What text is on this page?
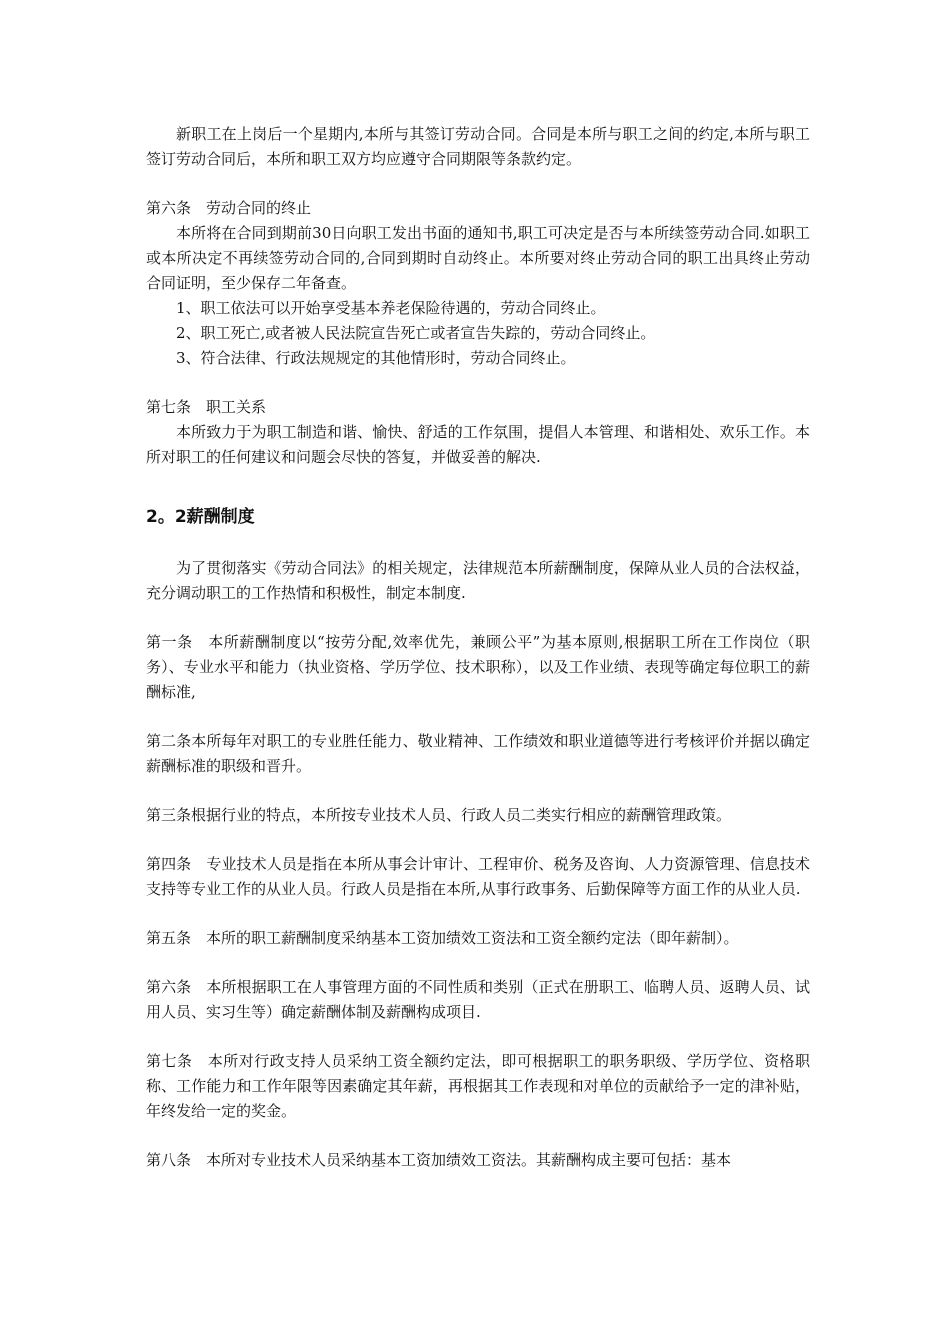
新职工在上岗后一个星期内,本所与其签订劳动合同。合同是本所与职工之间的约定,本所与职工签订劳动合同后，本所和职工双方均应遵守合同期限等条款约定。

第六条　劳动合同的终止

本所将在合同到期前30日向职工发出书面的通知书,职工可决定是否与本所续签劳动合同.如职工或本所决定不再续签劳动合同的,合同到期时自动终止。本所要对终止劳动合同的职工出具终止劳动合同证明，至少保存二年备查。

1、职工依法可以开始享受基本养老保险待遇的，劳动合同终止。

2、职工死亡,或者被人民法院宣告死亡或者宣告失踪的，劳动合同终止。

3、符合法律、行政法规规定的其他情形时，劳动合同终止。

第七条　职工关系

本所致力于为职工制造和谐、愉快、舒适的工作氛围，提倡人本管理、和谐相处、欢乐工作。本所对职工的任何建议和问题会尽快的答复，并做妥善的解决.

2。2薪酬制度

为了贯彻落实《劳动合同法》的相关规定，法律规范本所薪酬制度，保障从业人员的合法权益，充分调动职工的工作热情和积极性，制定本制度.

第一条　本所薪酬制度以“按劳分配,效率优先，兼顾公平”为基本原则,根据职工所在工作岗位（职务）、专业水平和能力（执业资格、学历学位、技术职称），以及工作业绩、表现等确定每位职工的薪酬标准,

第二条本所每年对职工的专业胜任能力、敬业精神、工作绩效和职业道德等进行考核评价并据以确定薪酬标准的职级和晋升。

第三条根据行业的特点，本所按专业技术人员、行政人员二类实行相应的薪酬管理政策。

第四条　专业技术人员是指在本所从事会计审计、工程审价、税务及咨询、人力资源管理、信息技术支持等专业工作的从业人员。行政人员是指在本所,从事行政事务、后勤保障等方面工作的从业人员.

第五条　本所的职工薪酬制度采纳基本工资加绩效工资法和工资全额约定法（即年薪制）。

第六条　本所根据职工在人事管理方面的不同性质和类别（正式在册职工、临聘人员、返聘人员、试用人员、实习生等）确定薪酬体制及薪酬构成项目.

第七条　本所对行政支持人员采纳工资全额约定法，即可根据职工的职务职级、学历学位、资格职称、工作能力和工作年限等因素确定其年薪，再根据其工作表现和对单位的贡献给予一定的津补贴，年终发给一定的奖金。

第八条　本所对专业技术人员采纳基本工资加绩效工资法。其薪酬构成主要可包括：基本
